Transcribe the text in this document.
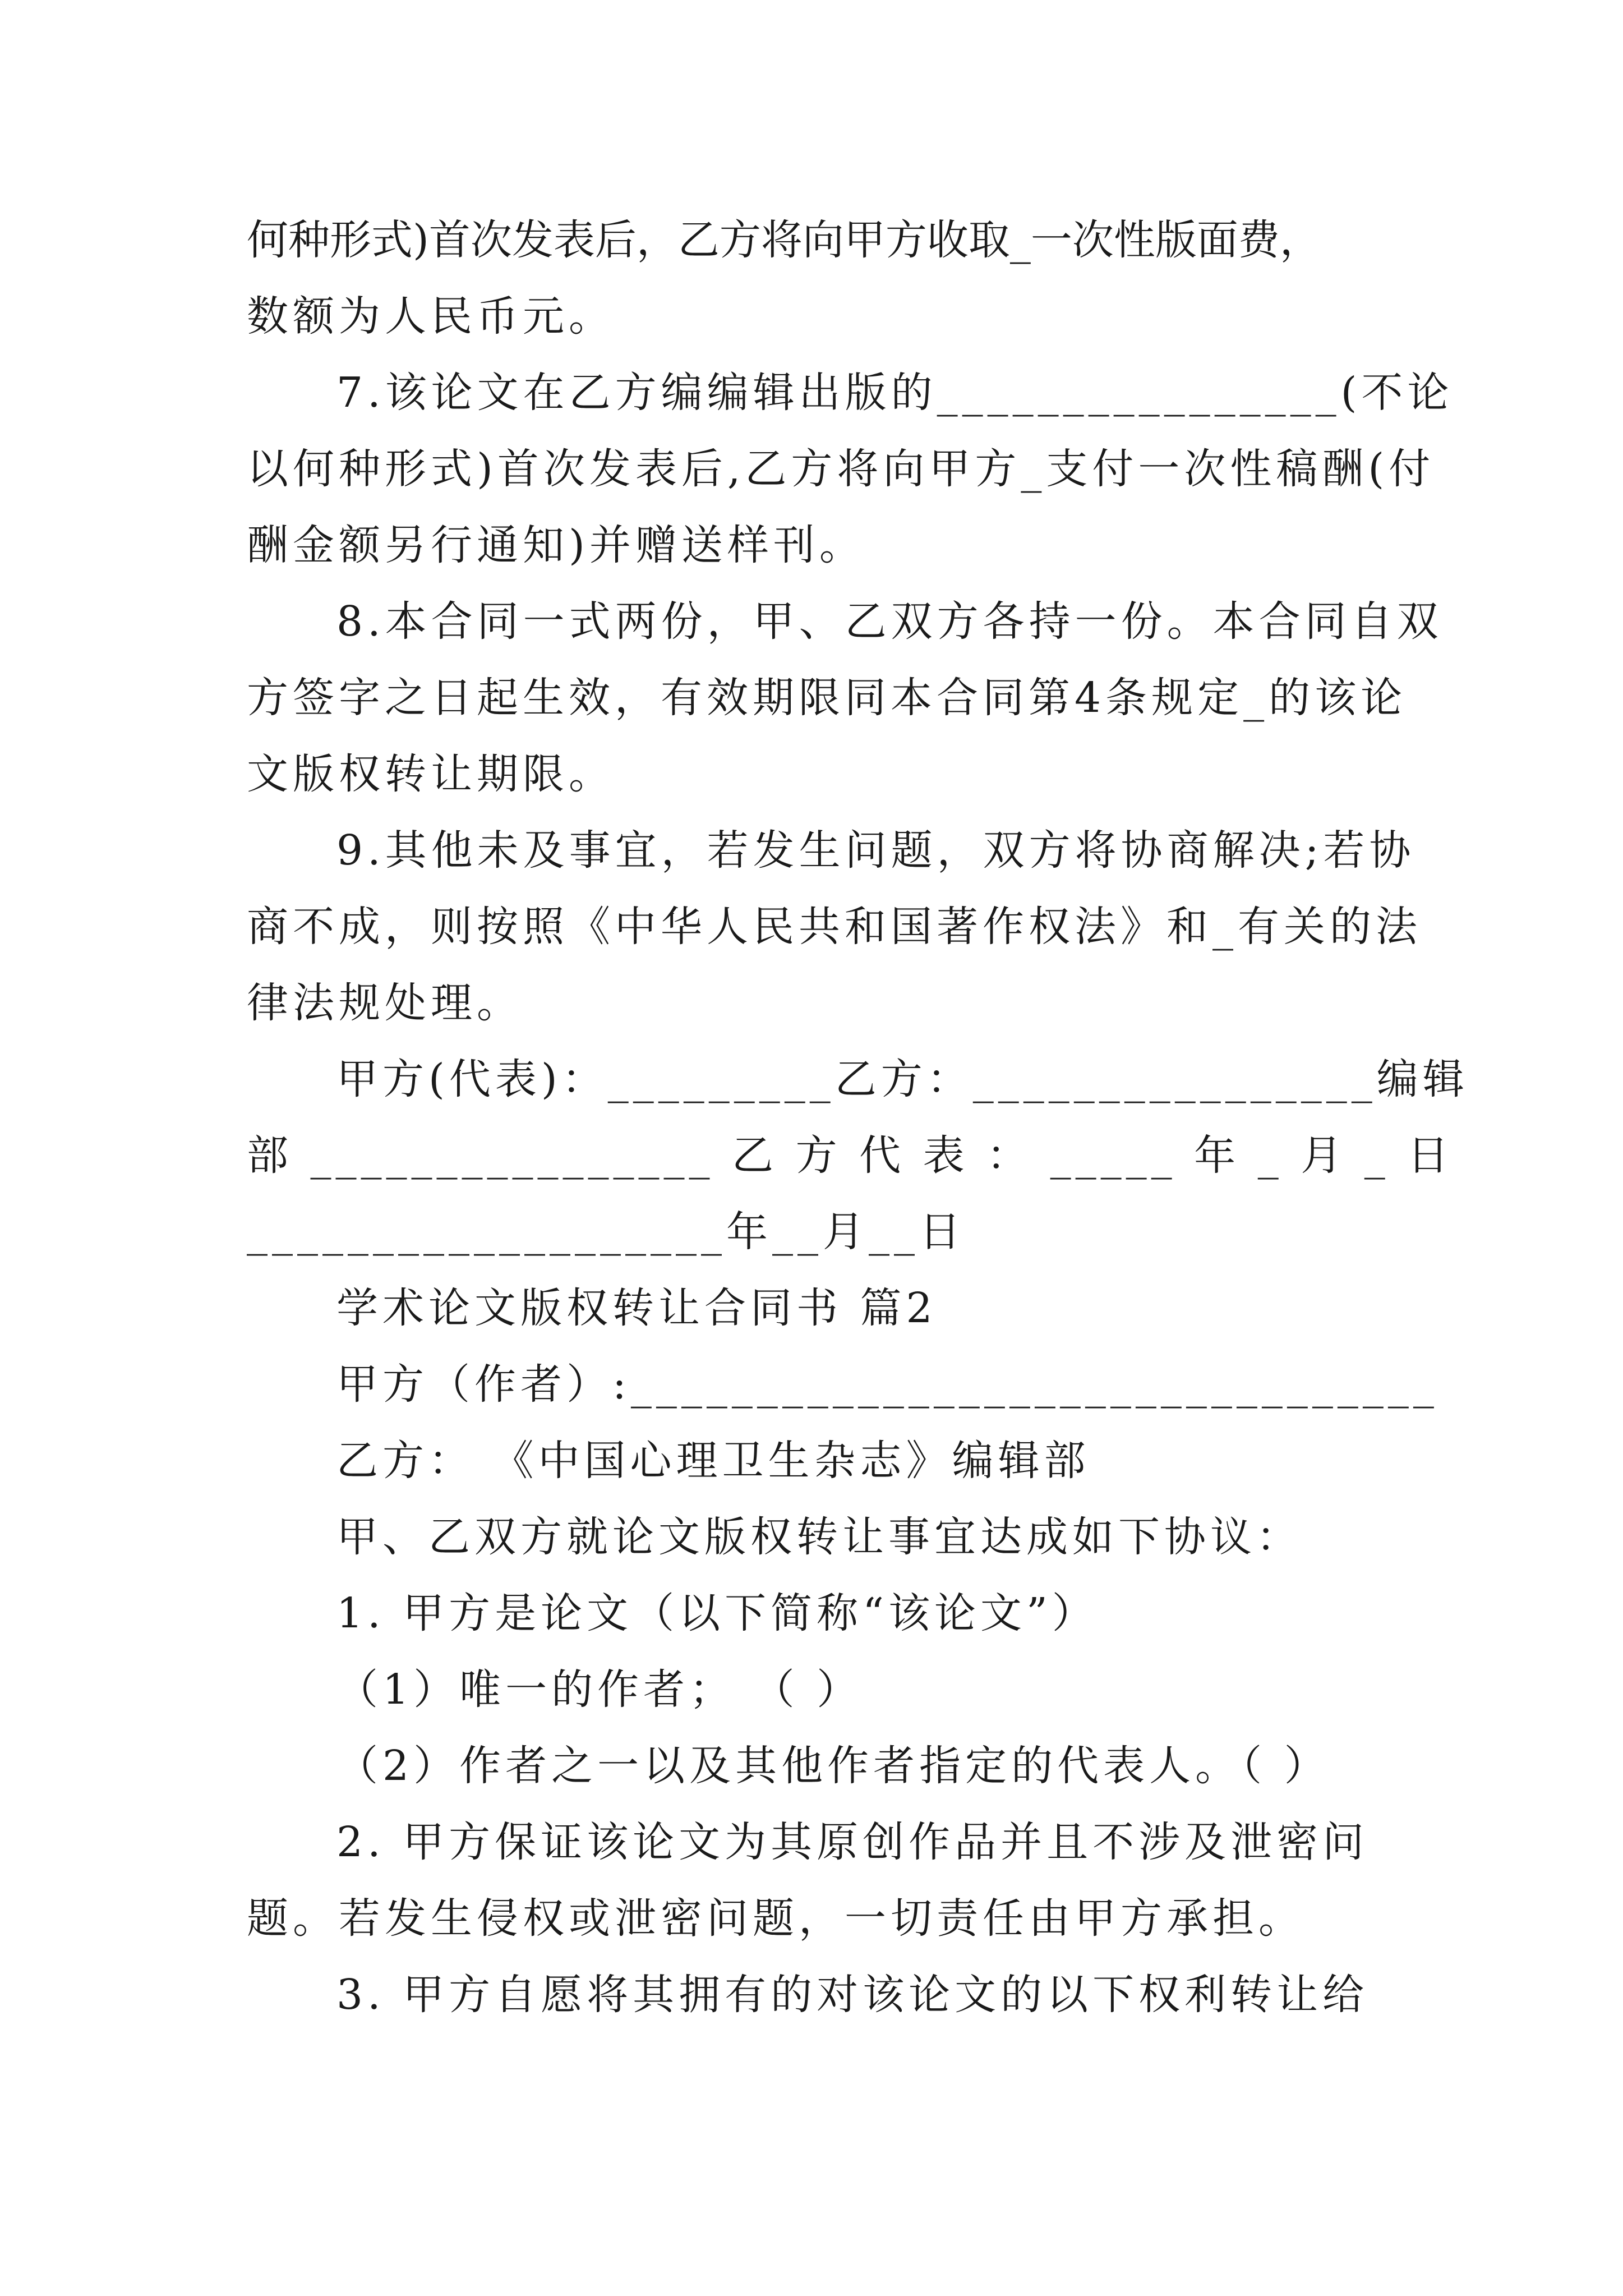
何种形式)首次发表后，乙方将向甲方收取_一次性版面费，
数额为人民币元。
7.该论文在乙方编编辑出版的________________(不论
以何种形式)首次发表后,乙方将向甲方_支付一次性稿酬(付
酬金额另行通知)并赠送样刊。
8.本合同一式两份，甲、乙双方各持一份。本合同自双
方签字之日起生效，有效期限同本合同第4条规定_的该论
文版权转让期限。
9.其他未及事宜，若发生问题，双方将协商解决;若协
商不成，则按照《中华人民共和国著作权法》和_有关的法
律法规处理。
甲方(代表)：_________乙方：________________编辑
部 ________________ 乙 方 代 表 ： _____ 年 _ 月 _ 日
___________________年__月__日
学术论文版权转让合同书 篇2
甲方（作者）:________________________________
乙方： 《中国心理卫生杂志》编辑部
甲、乙双方就论文版权转让事宜达成如下协议：
1. 甲方是论文（以下简称“该论文”）
（1）唯一的作者； （ ）
（2）作者之一以及其他作者指定的代表人。（ ）
2. 甲方保证该论文为其原创作品并且不涉及泄密问
题。若发生侵权或泄密问题，一切责任由甲方承担。
3. 甲方自愿将其拥有的对该论文的以下权利转让给
